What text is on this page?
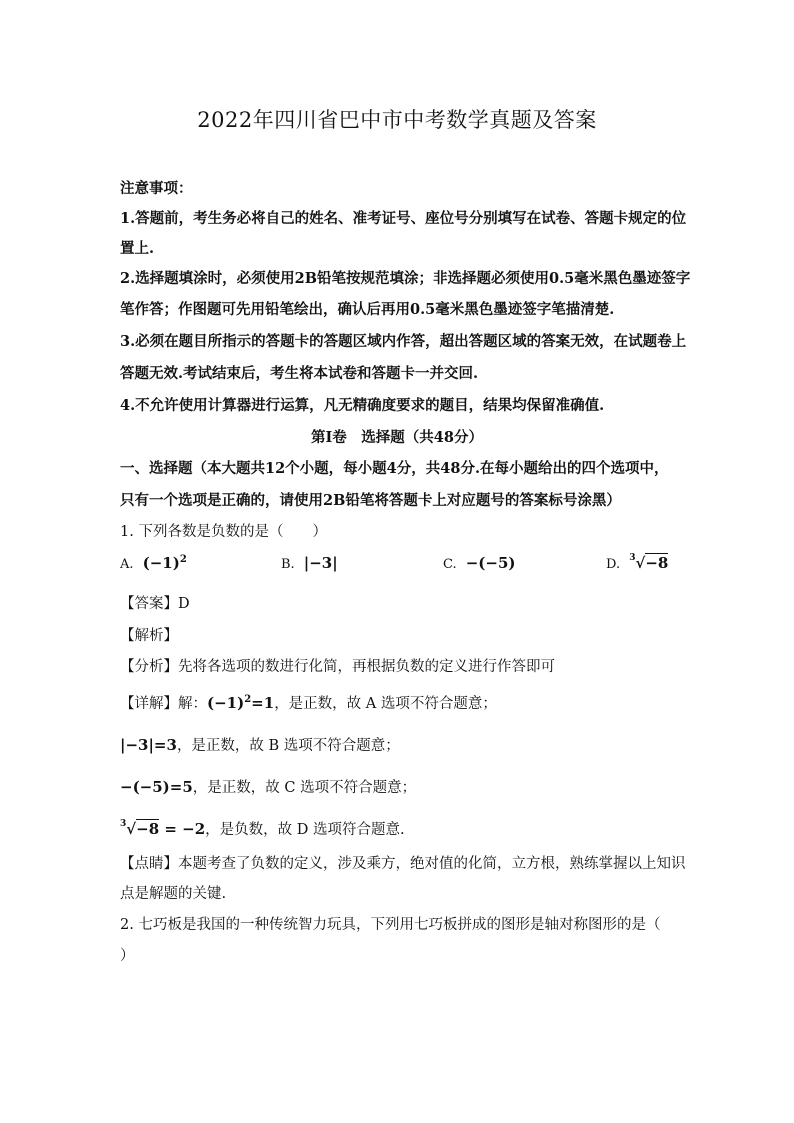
2022年四川省巴中市中考数学真题及答案
注意事项：
1.答题前，考生务必将自己的姓名、准考证号、座位号分别填写在试卷、答题卡规定的位
置上.
2.选择题填涂时，必须使用2B铅笔按规范填涂；非选择题必须使用0.5毫米黑色墨迹签字
笔作答；作图题可先用铅笔绘出，确认后再用0.5毫米黑色墨迹签字笔描清楚.
3.必须在题目所指示的答题卡的答题区域内作答，超出答题区域的答案无效，在试题卷上
答题无效.考试结束后，考生将本试卷和答题卡一并交回.
4.不允许使用计算器进行运算，凡无精确度要求的题目，结果均保留准确值.
第Ⅰ卷　选择题（共48分）
一、选择题（本大题共12个小题，每小题4分，共48分.在每小题给出的四个选项中，
只有一个选项是正确的，请使用2B铅笔将答题卡上对应题号的答案标号涂黑）
1. 下列各数是负数的是（　　）
A. $(-1)^2$	B. |−3|	C. −(−5)	D. $^3$√−8
【答案】D
【解析】
【分析】先将各选项的数进行化简，再根据负数的定义进行作答即可
【详解】解：$(-1)^2=1$，是正数，故 A 选项不符合题意；
|−3|=3，是正数，故 B 选项不符合题意；
−(−5)=5，是正数，故 C 选项不符合题意；
$^3$√−8 = −2，是负数，故 D 选项符合题意.
【点睛】本题考查了负数的定义，涉及乘方，绝对值的化简，立方根，熟练掌握以上知识
点是解题的关键.
2. 七巧板是我国的一种传统智力玩具，下列用七巧板拼成的图形是轴对称图形的是（
）
